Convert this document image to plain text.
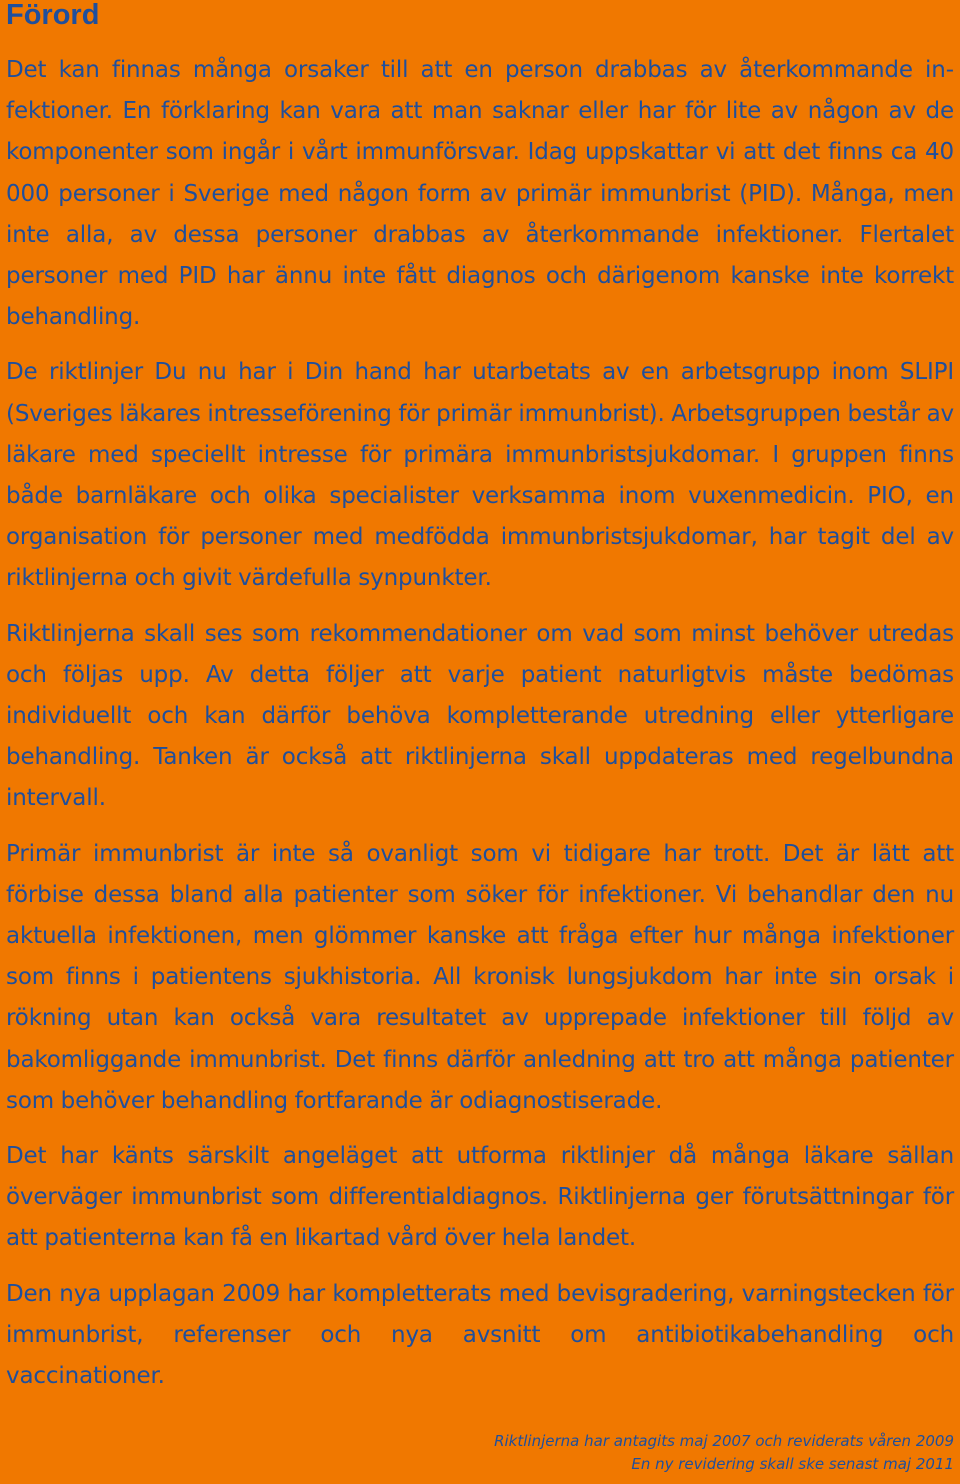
Förord

Det kan finnas många orsaker till att en person drabbas av återkommande infektioner. En förklaring kan vara att man saknar eller har för lite av någon av de komponenter som ingår i vårt immunförsvar. Idag uppskattar vi att det finns ca 40 000 personer i Sverige med någon form av primär immunbrist (PID). Många, men inte alla, av dessa personer drabbas av återkommande infektioner. Flertalet personer med PID har ännu inte fått diagnos och därigenom kanske inte korrekt behandling.

De riktlinjer Du nu har i Din hand har utarbetats av en arbetsgrupp inom SLIPI (Sveriges läkares intresseförening för primär immunbrist). Arbetsgruppen består av läkare med speciellt intresse för primära immunbristsjukdomar. I gruppen finns både barnläkare och olika specialister verksamma inom vuxenmedicin. PIO, en organisation för personer med medfödda immunbristsjukdomar, har tagit del av riktlinjerna och givit värdefulla synpunkter.

Riktlinjerna skall ses som rekommendationer om vad som minst behöver utredas och följas upp. Av detta följer att varje patient naturligtvis måste bedömas individuellt och kan därför behöva kompletterande utredning eller ytterligare behandling. Tanken är också att riktlinjerna skall uppdateras med regelbundna intervall.

Primär immunbrist är inte så ovanligt som vi tidigare har trott. Det är lätt att förbise dessa bland alla patienter som söker för infektioner. Vi behandlar den nu aktuella infektionen, men glömmer kanske att fråga efter hur många infektioner som finns i patientens sjukhistoria. All kronisk lungsjukdom har inte sin orsak i rökning utan kan också vara resultatet av upprepade infektioner till följd av bakomliggande immunbrist. Det finns därför anledning att tro att många patienter som behöver behandling fortfarande är odiagnostiserade.

Det har känts särskilt angeläget att utforma riktlinjer då många läkare sällan överväger immunbrist som differentialdiagnos. Riktlinjerna ger förutsättningar för att patienterna kan få en likartad vård över hela landet.

Den nya upplagan 2009 har kompletterats med bevisgradering, varningstecken för immunbrist, referenser och nya avsnitt om antibiotikabehandling och vaccinationer.

Riktlinjerna har antagits maj 2007 och reviderats våren 2009
En ny revidering skall ske senast maj 2011
